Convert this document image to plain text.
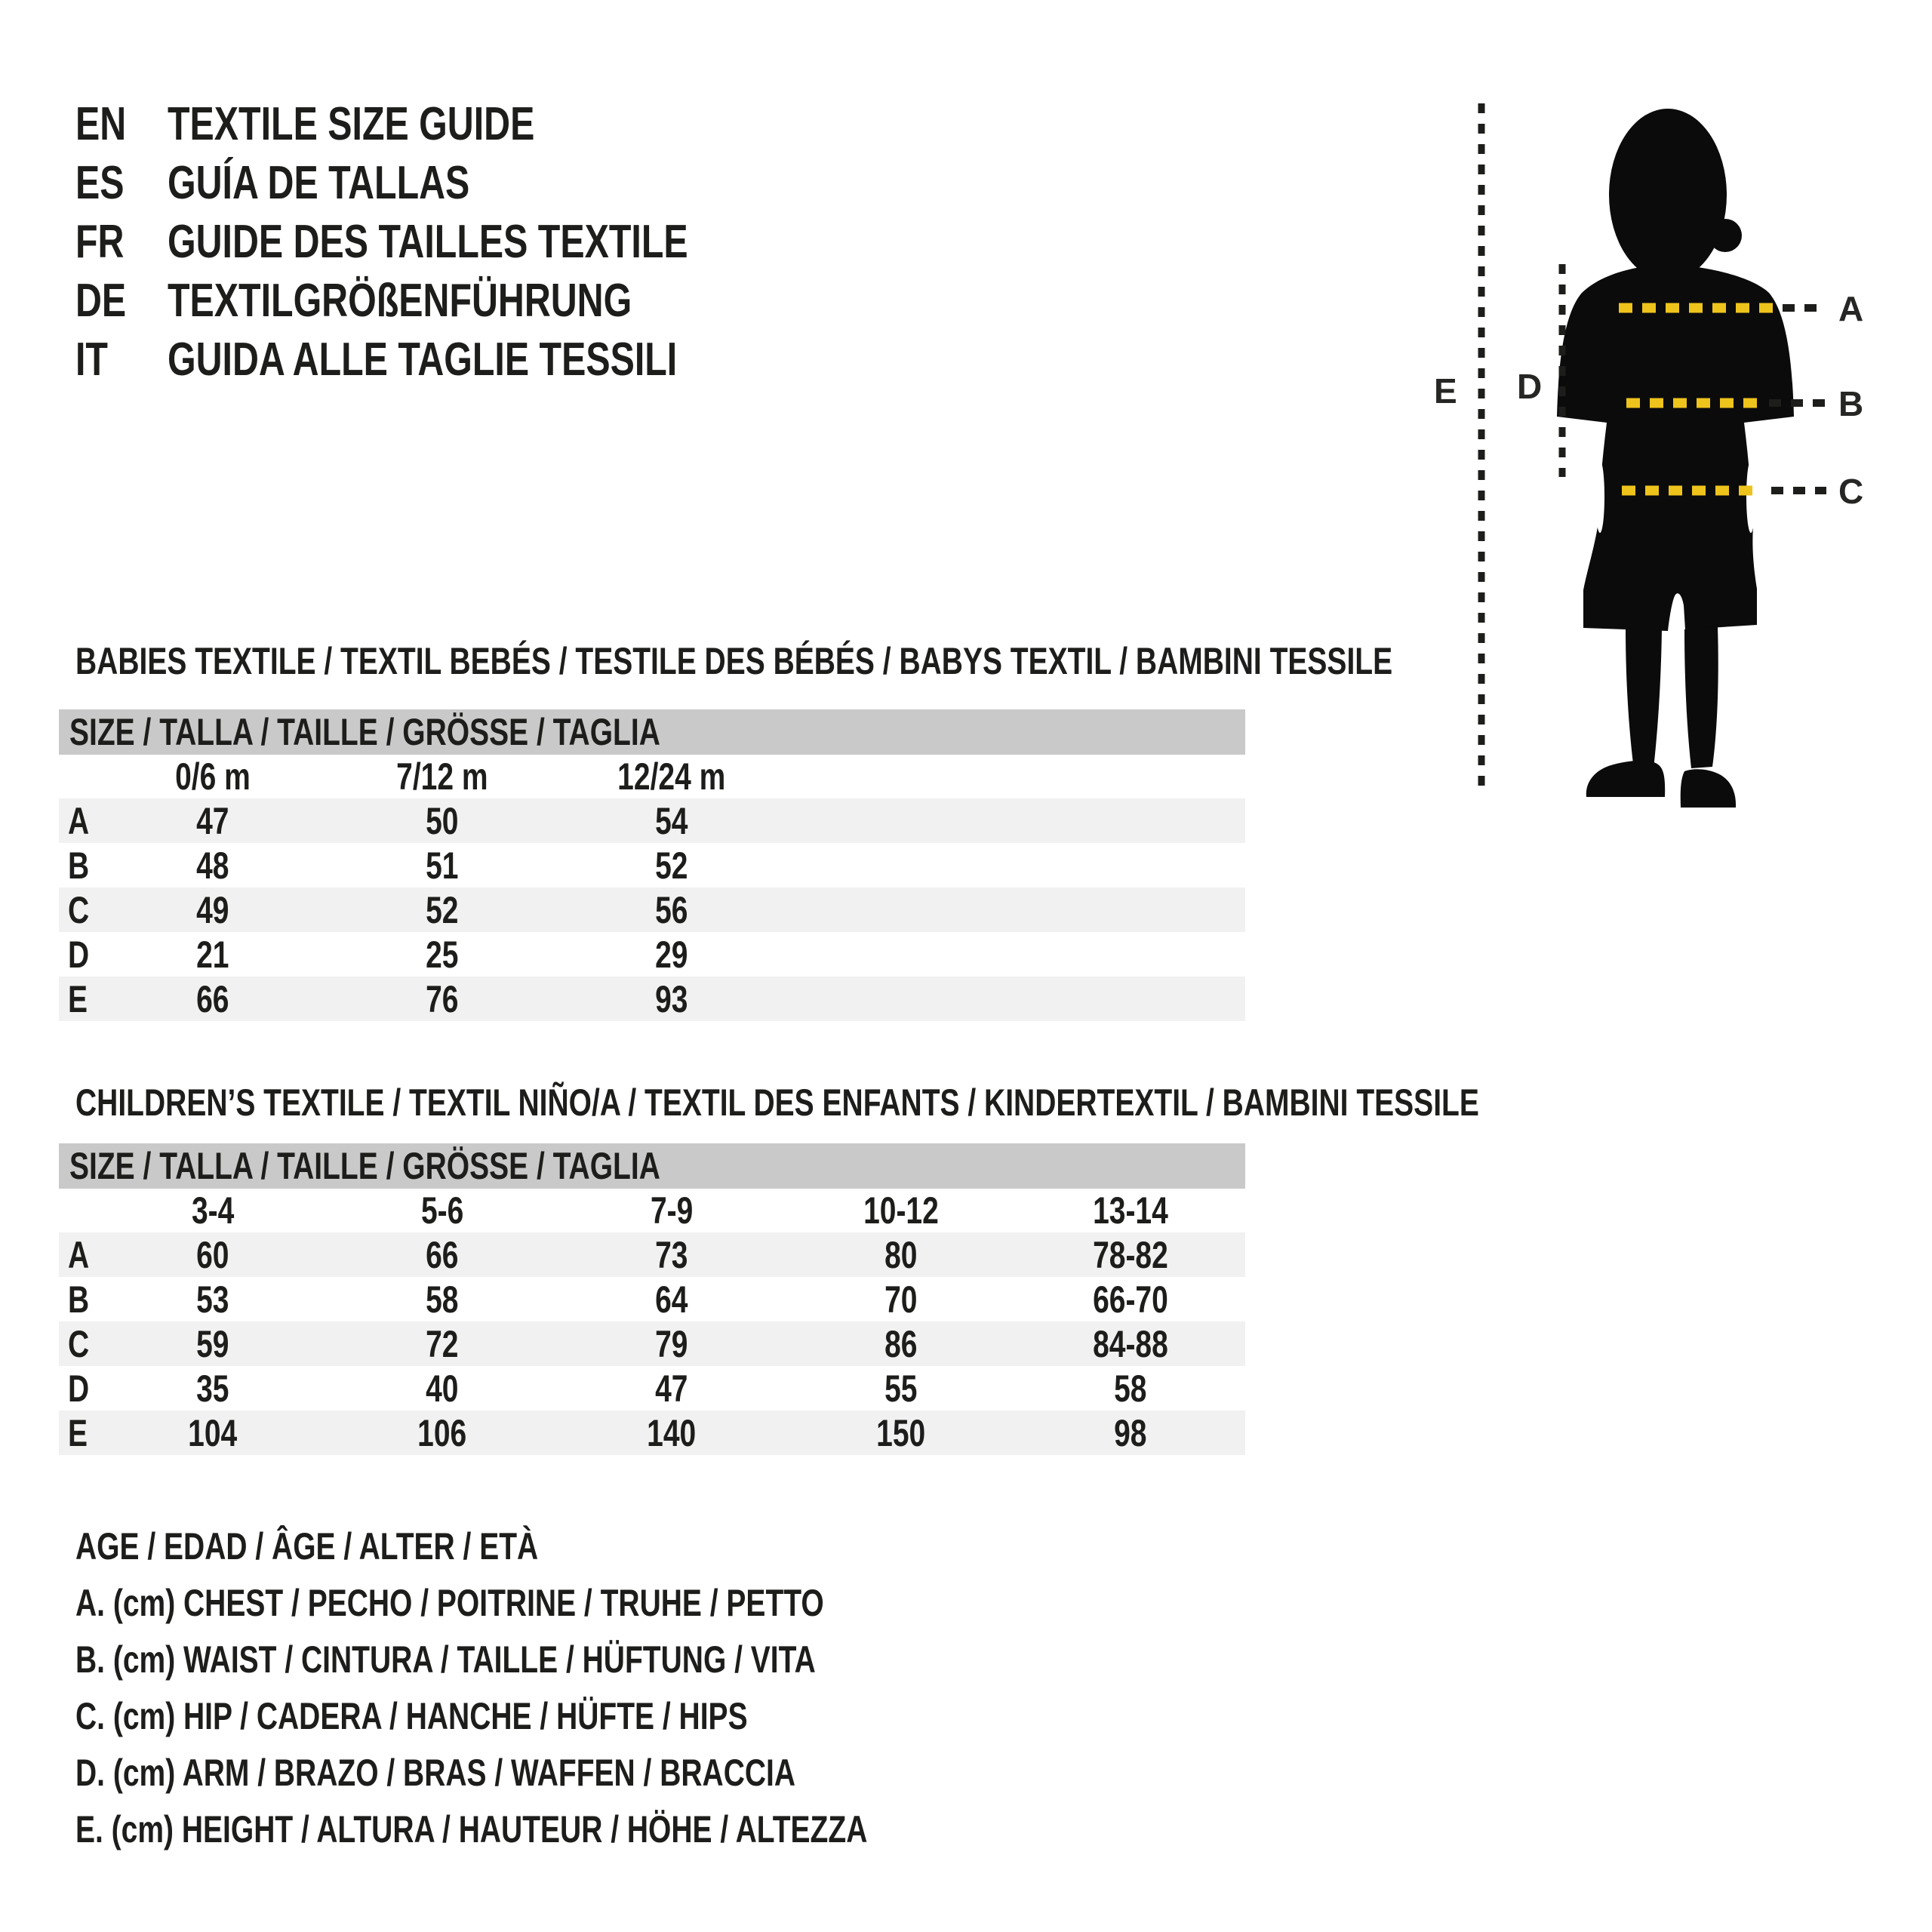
EN TEXTILE SIZE GUIDE
ES GUÍA DE TALLAS
FR GUIDE DES TAILLES TEXTILE
DE TEXTILGRÖßENFÜHRUNG
IT GUIDA ALLE TAGLIE TESSILI
BABIES TEXTILE / TEXTIL BEBÉS / TESTILE DES BÉBÉS / BABYS TEXTIL / BAMBINI TESSILE
SIZE / TALLA / TAILLE / GRÖSSE / TAGLIA
	0/6 m	7/12 m	12/24 m	
A	47	50	54	
B	48	51	52	
C	49	52	56	
D	21	25	29	
E	66	76	93	
CHILDREN’S TEXTILE / TEXTIL NIÑO/A / TEXTIL DES ENFANTS / KINDERTEXTIL / BAMBINI TESSILE
SIZE / TALLA / TAILLE / GRÖSSE / TAGLIA
	3-4	5-6	7-9	10-12	13-14	
A	60	66	73	80	78-82	
B	53	58	64	70	66-70	
C	59	72	79	86	84-88	
D	35	40	47	55	58	
E	104	106	140	150	98	
AGE / EDAD / ÂGE / ALTER / ETÀ
A. (cm) CHEST / PECHO / POITRINE / TRUHE / PETTO
B. (cm) WAIST / CINTURA / TAILLE / HÜFTUNG / VITA
C. (cm) HIP / CADERA / HANCHE / HÜFTE / HIPS
D. (cm) ARM / BRAZO / BRAS / WAFFEN / BRACCIA
E. (cm) HEIGHT / ALTURA / HAUTEUR / HÖHE / ALTEZZA
A
B
C
D
E
